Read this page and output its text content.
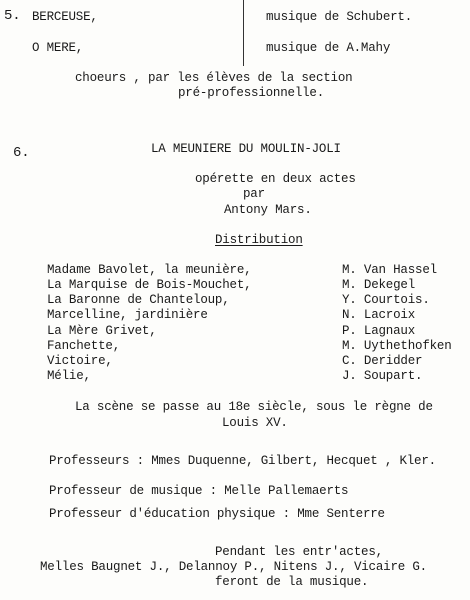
5. BERCEUSE,	musique de Schubert.
O MERE,	musique de A.Mahy
choeurs , par les élèves de la section
pré-professionnelle.
6.	LA MEUNIERE DU MOULIN-JOLI
opérette en deux actes
par
Antony Mars.
Distribution
Madame Bavolet, la meunière,	M. Van Hassel
La Marquise de Bois-Mouchet,	M. Dekegel
La Baronne de Chanteloup,	Y. Courtois.
Marcelline, jardinière	N. Lacroix
La Mère Grivet,	P. Lagnaux
Fanchette,	M. Uythethofken
Victoire,	C. Deridder
Mélie,	J. Soupart.
La scène se passe au 18e siècle, sous le règne de
Louis XV.
Professeurs : Mmes Duquenne, Gilbert, Hecquet , Kler.
Professeur de musique : Melle Pallemaerts
Professeur d'éducation physique : Mme Senterre
Pendant les entr'actes,
Melles Baugnet J., Delannoy P., Nitens J., Vicaire G.
feront de la musique.
